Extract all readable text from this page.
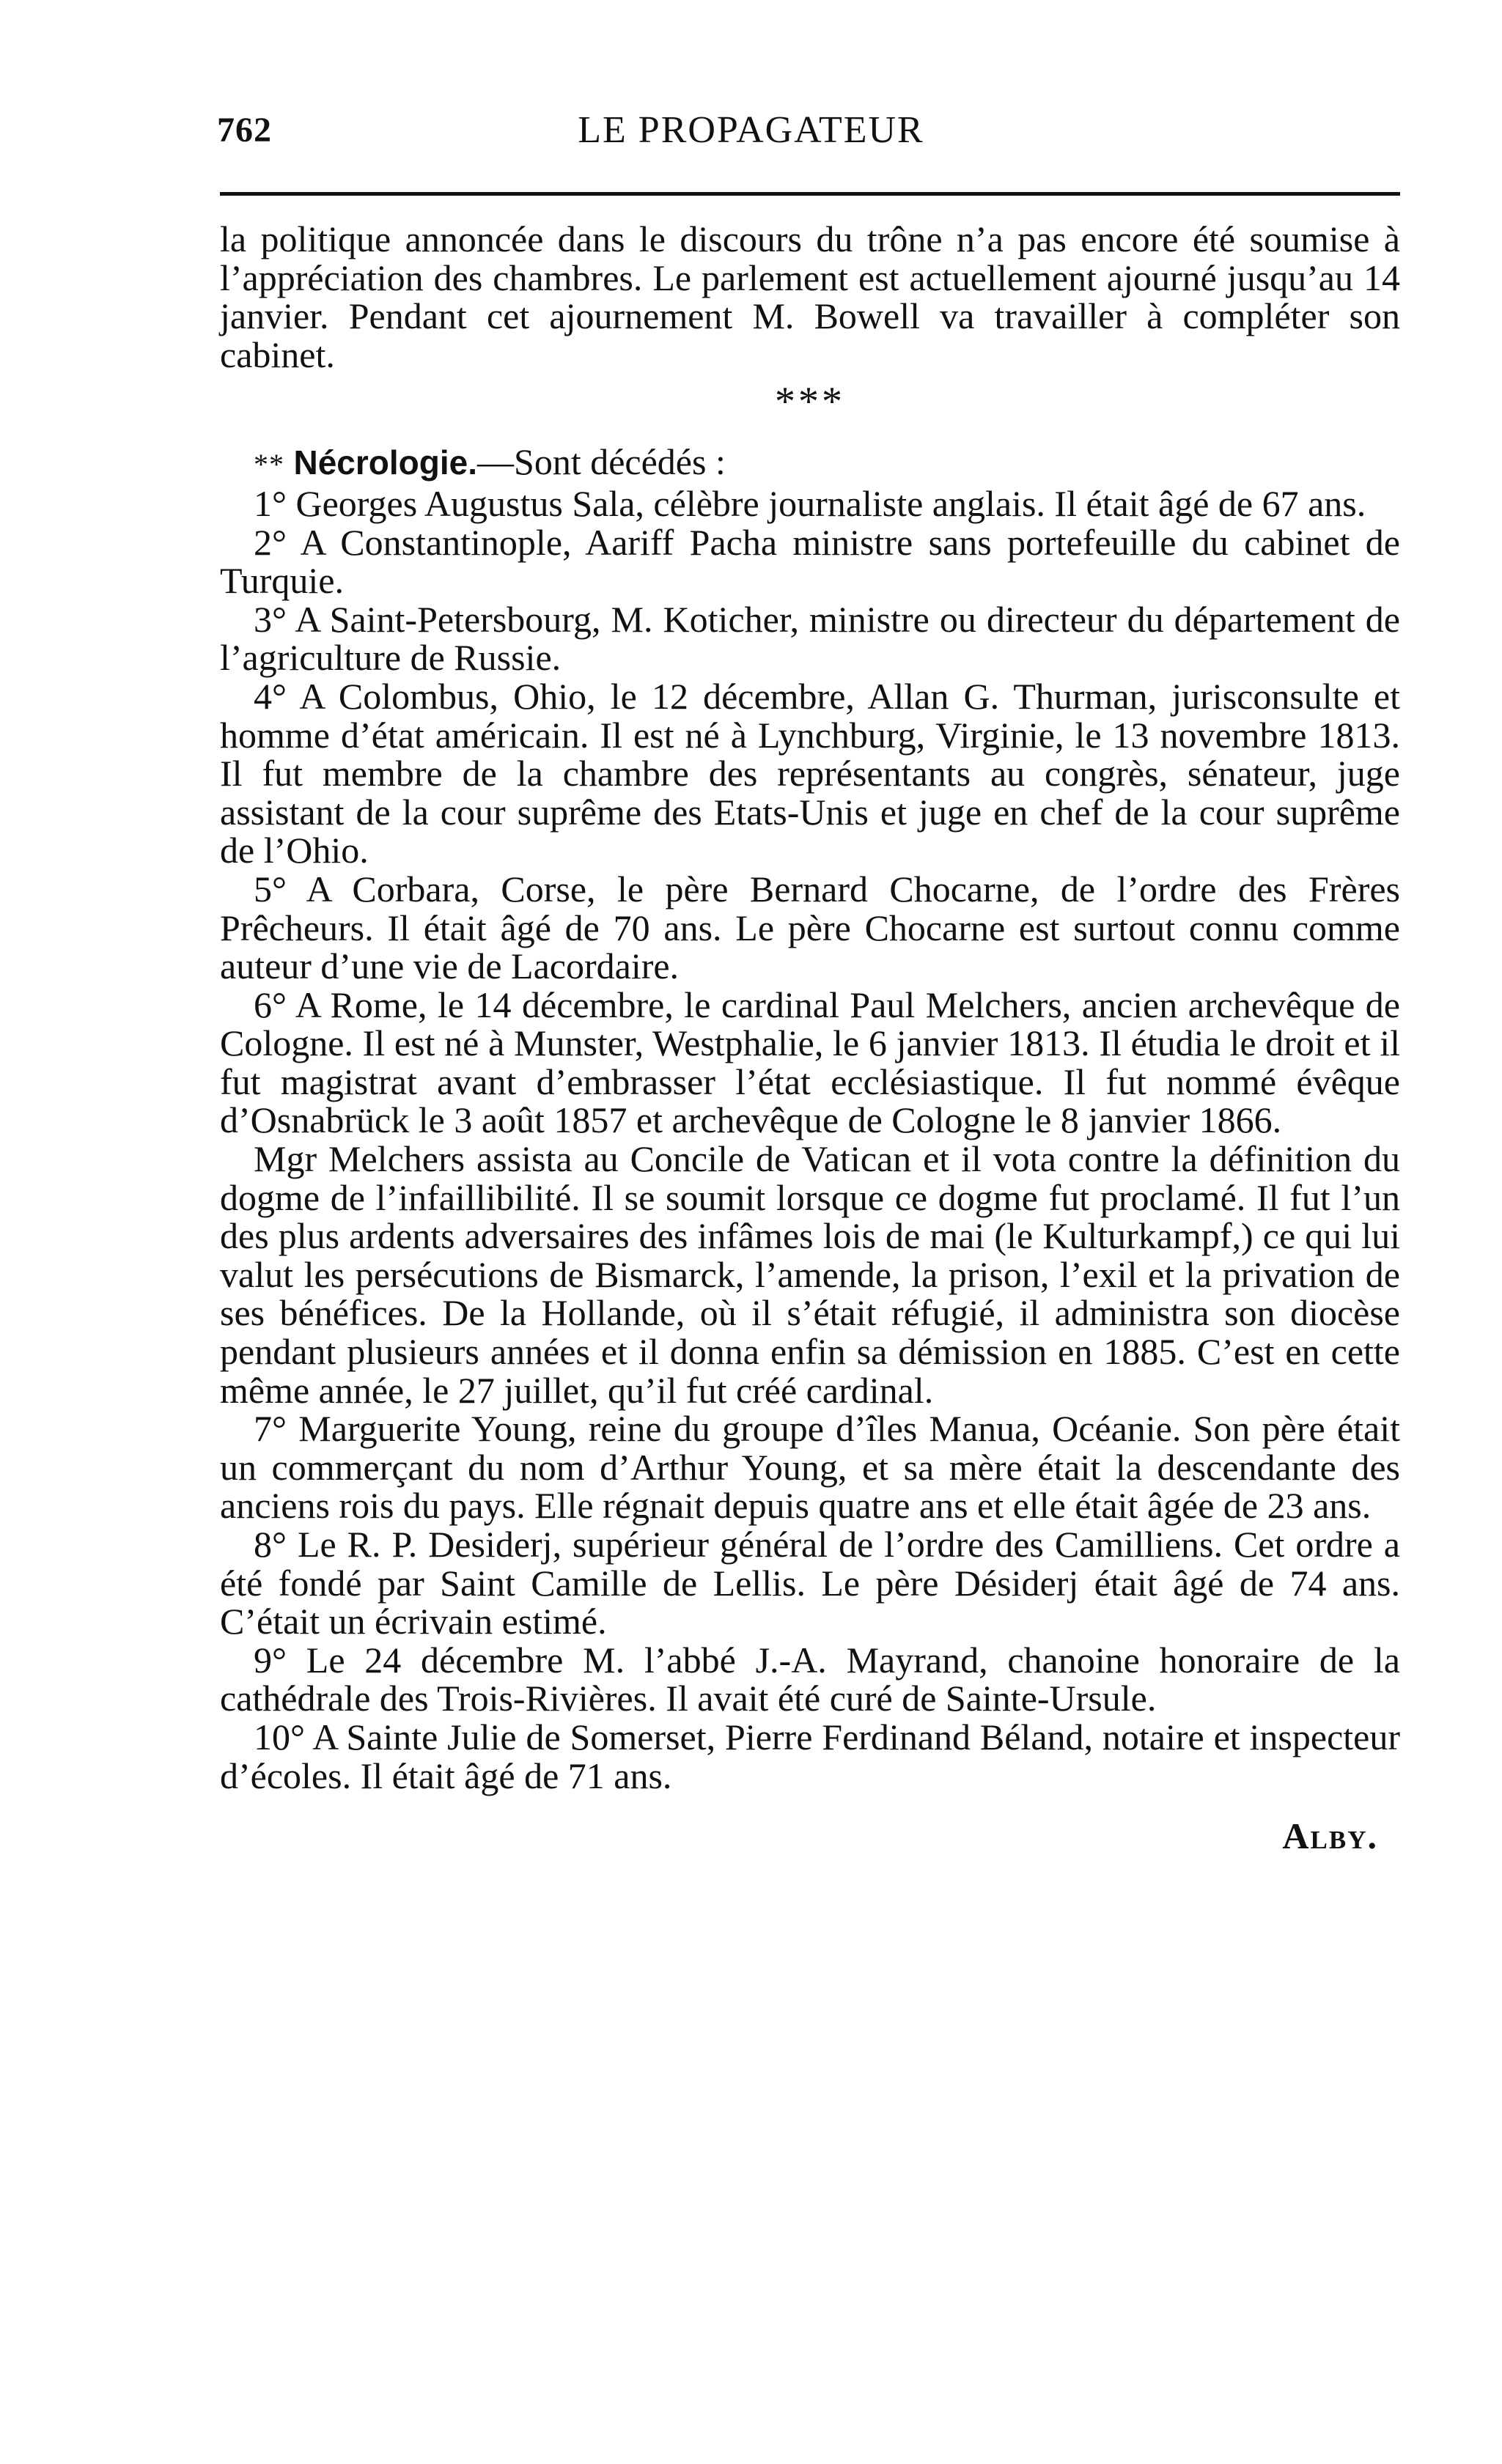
762	LE PROPAGATEUR

la politique annoncée dans le discours du trône n’a pas encore été soumise à l’appréciation des chambres. Le parlement est actuellement ajourné jusqu’au 14 janvier. Pendant cet ajournement M. Bowell va travailler à compléter son cabinet.

***

** Nécrologie.—Sont décédés :

1° Georges Augustus Sala, célèbre journaliste anglais. Il était âgé de 67 ans.

2° A Constantinople, Aariff Pacha ministre sans portefeuille du cabinet de Turquie.

3° A Saint-Petersbourg, M. Koticher, ministre ou directeur du département de l’agriculture de Russie.

4° A Colombus, Ohio, le 12 décembre, Allan G. Thurman, jurisconsulte et homme d’état américain. Il est né à Lynchburg, Virginie, le 13 novembre 1813. Il fut membre de la chambre des représentants au congrès, sénateur, juge assistant de la cour suprême des Etats-Unis et juge en chef de la cour suprême de l’Ohio.

5° A Corbara, Corse, le père Bernard Chocarne, de l’ordre des Frères Prêcheurs. Il était âgé de 70 ans. Le père Chocarne est surtout connu comme auteur d’une vie de Lacordaire.

6° A Rome, le 14 décembre, le cardinal Paul Melchers, ancien archevêque de Cologne. Il est né à Munster, Westphalie, le 6 janvier 1813. Il étudia le droit et il fut magistrat avant d’embrasser l’état ecclésiastique. Il fut nommé évêque d’Osnabrück le 3 août 1857 et archevêque de Cologne le 8 janvier 1866.

Mgr Melchers assista au Concile de Vatican et il vota contre la définition du dogme de l’infaillibilité. Il se soumit lorsque ce dogme fut proclamé. Il fut l’un des plus ardents adversaires des infâmes lois de mai (le Kulturkampf,) ce qui lui valut les persécutions de Bismarck, l’amende, la prison, l’exil et la privation de ses bénéfices. De la Hollande, où il s’était réfugié, il administra son diocèse pendant plusieurs années et il donna enfin sa démission en 1885. C’est en cette même année, le 27 juillet, qu’il fut créé cardinal.

7° Marguerite Young, reine du groupe d’îles Manua, Océanie. Son père était un commerçant du nom d’Arthur Young, et sa mère était la descendante des anciens rois du pays. Elle régnait depuis quatre ans et elle était âgée de 23 ans.

8° Le R. P. Desiderj, supérieur général de l’ordre des Camilliens. Cet ordre a été fondé par Saint Camille de Lellis. Le père Désiderj était âgé de 74 ans. C’était un écrivain estimé.

9° Le 24 décembre M. l’abbé J.-A. Mayrand, chanoine honoraire de la cathédrale des Trois-Rivières. Il avait été curé de Sainte-Ursule.

10° A Sainte Julie de Somerset, Pierre Ferdinand Béland, notaire et inspecteur d’écoles. Il était âgé de 71 ans.

Alby.
